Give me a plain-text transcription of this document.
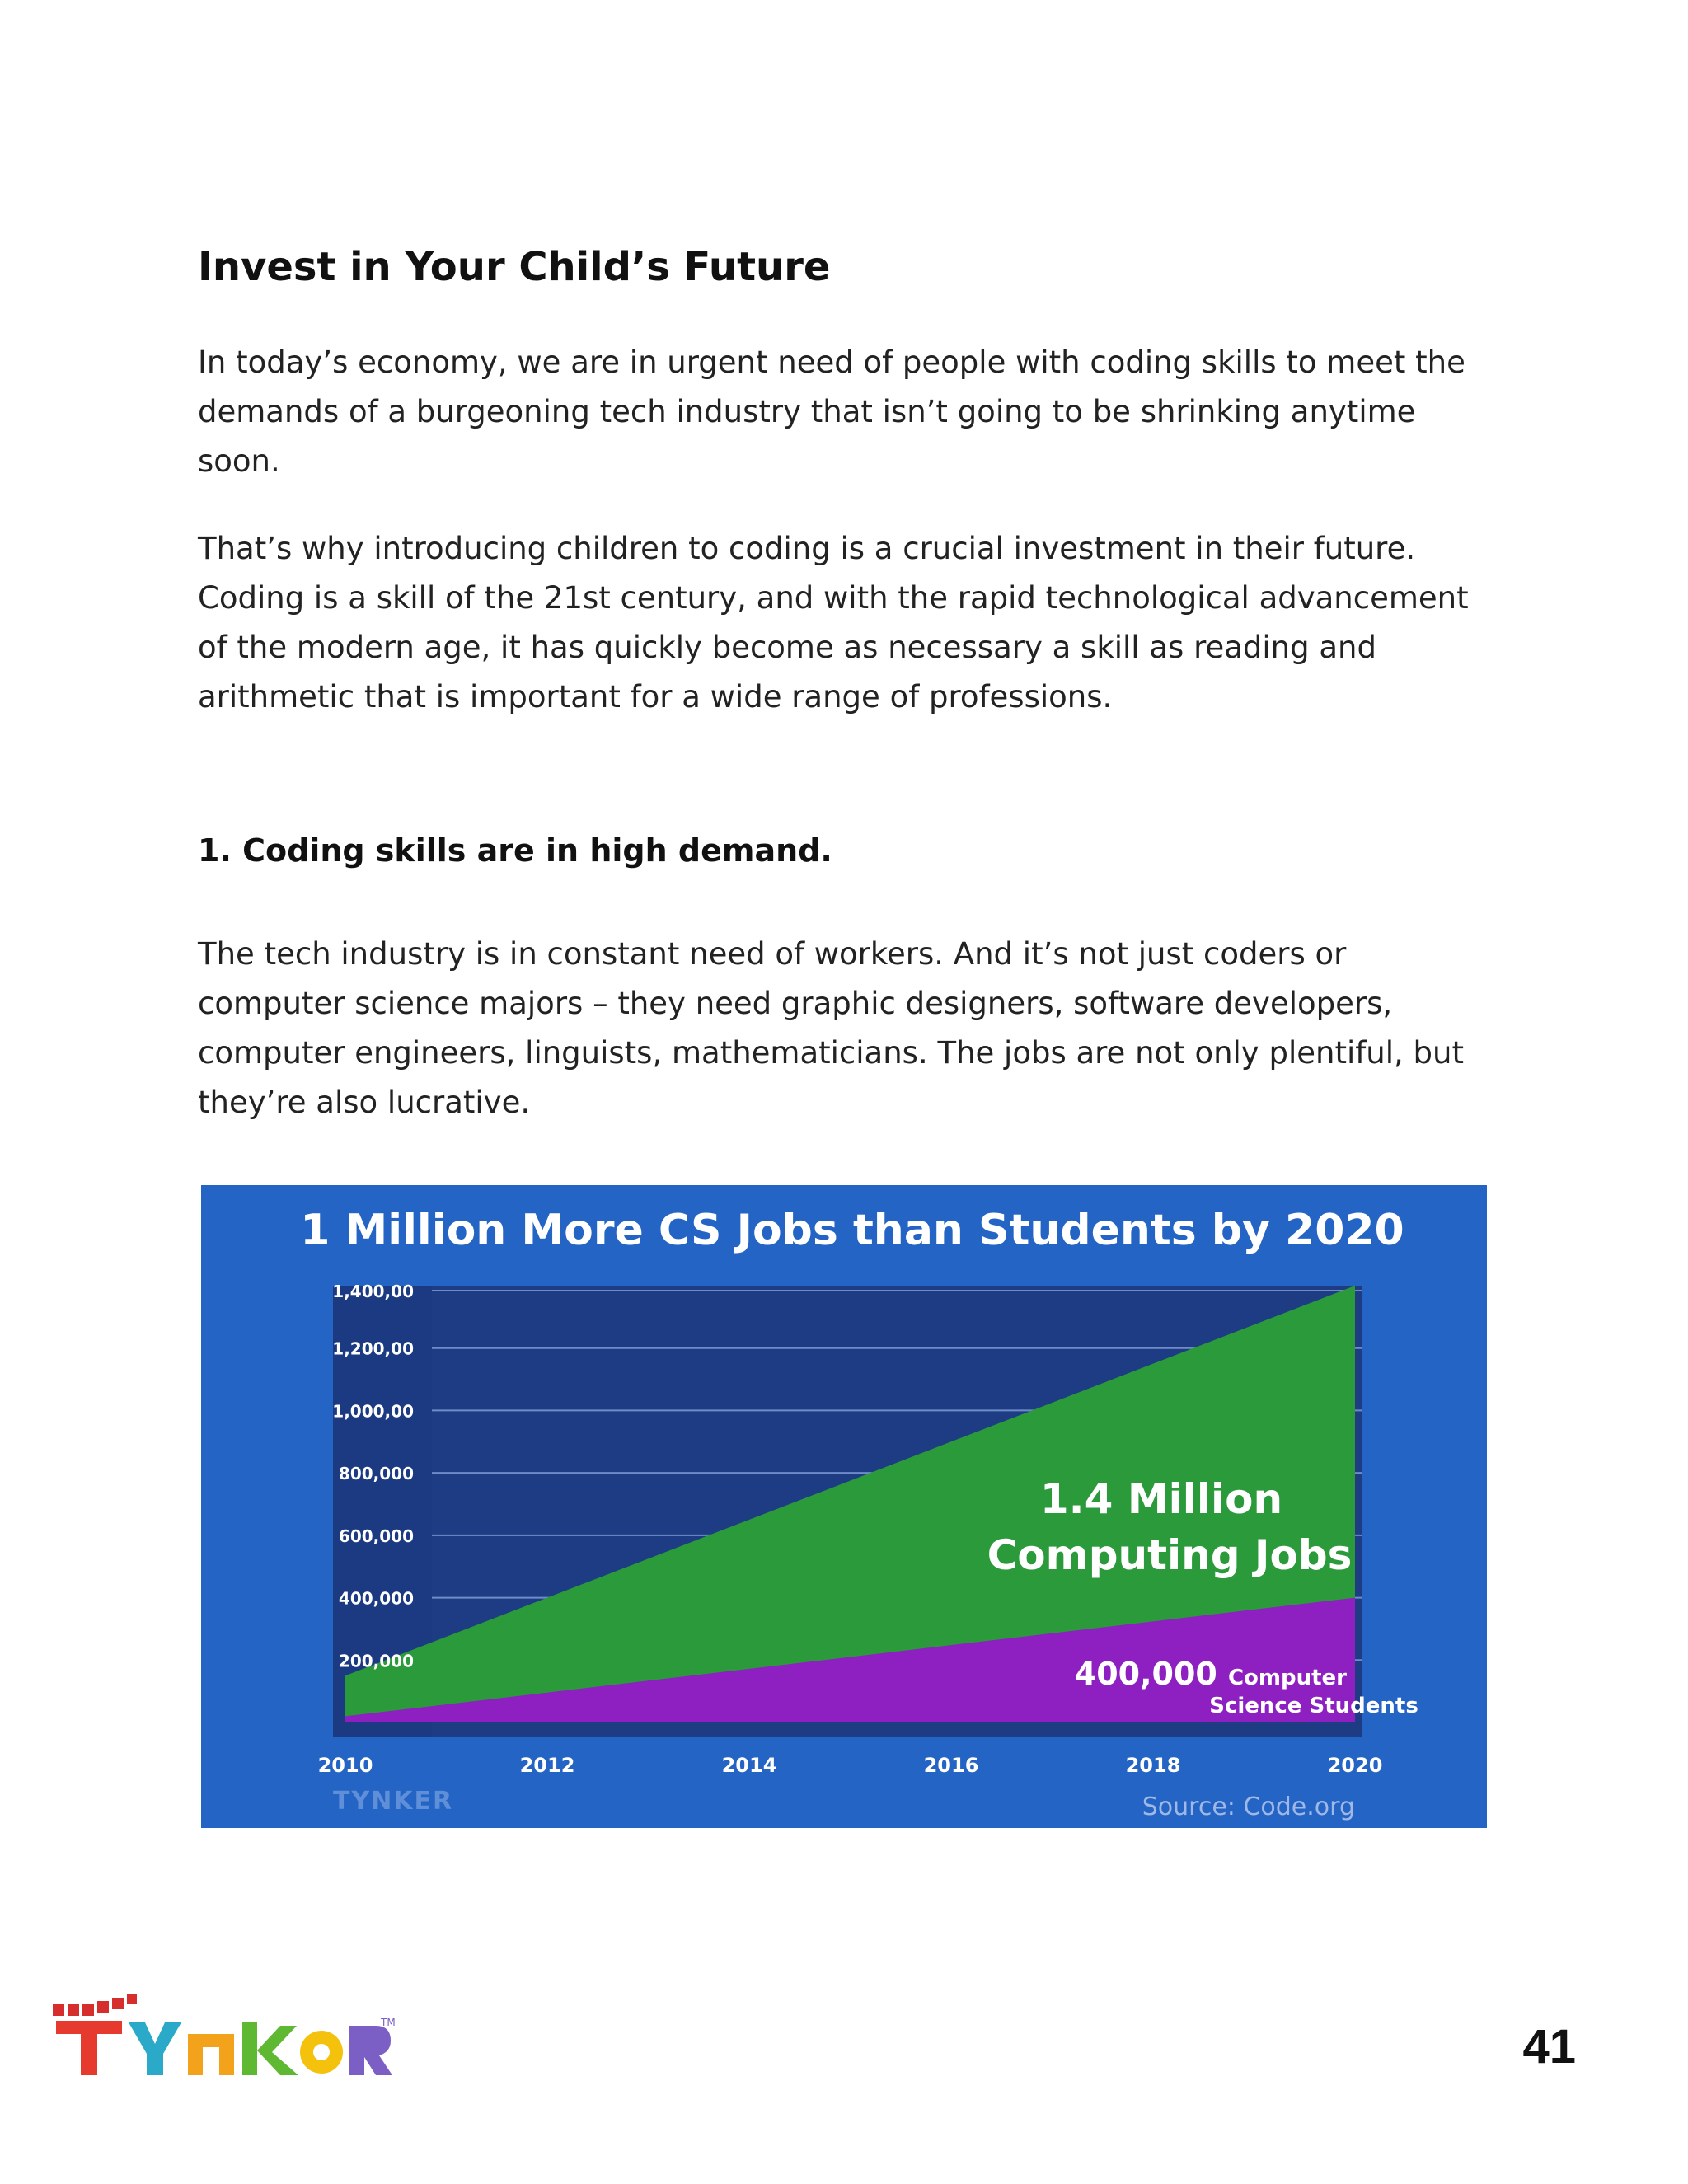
Invest in Your Child’s Future

In today’s economy, we are in urgent need of people with coding skills to meet the demands of a burgeoning tech industry that isn’t going to be shrinking anytime soon.

That’s why introducing children to coding is a crucial investment in their future. Coding is a skill of the 21st century, and with the rapid technological advancement of the modern age, it has quickly become as necessary a skill as reading and arithmetic that is important for a wide range of professions.

1. Coding skills are in high demand.

The tech industry is in constant need of workers. And it’s not just coders or computer science majors – they need graphic designers, software developers, computer engineers, linguists, mathematicians. The jobs are not only plentiful, but they’re also lucrative.

1 Million More CS Jobs than Students by 2020
200,000
400,000
600,000
800,000
1,000,00
1,200,00
1,400,00
2010	2012	2014	2016	2018	2020
1.4 Million
Computing Jobs
400,000 Computer
Science Students
TYNKER	Source: Code.org
TM	41
